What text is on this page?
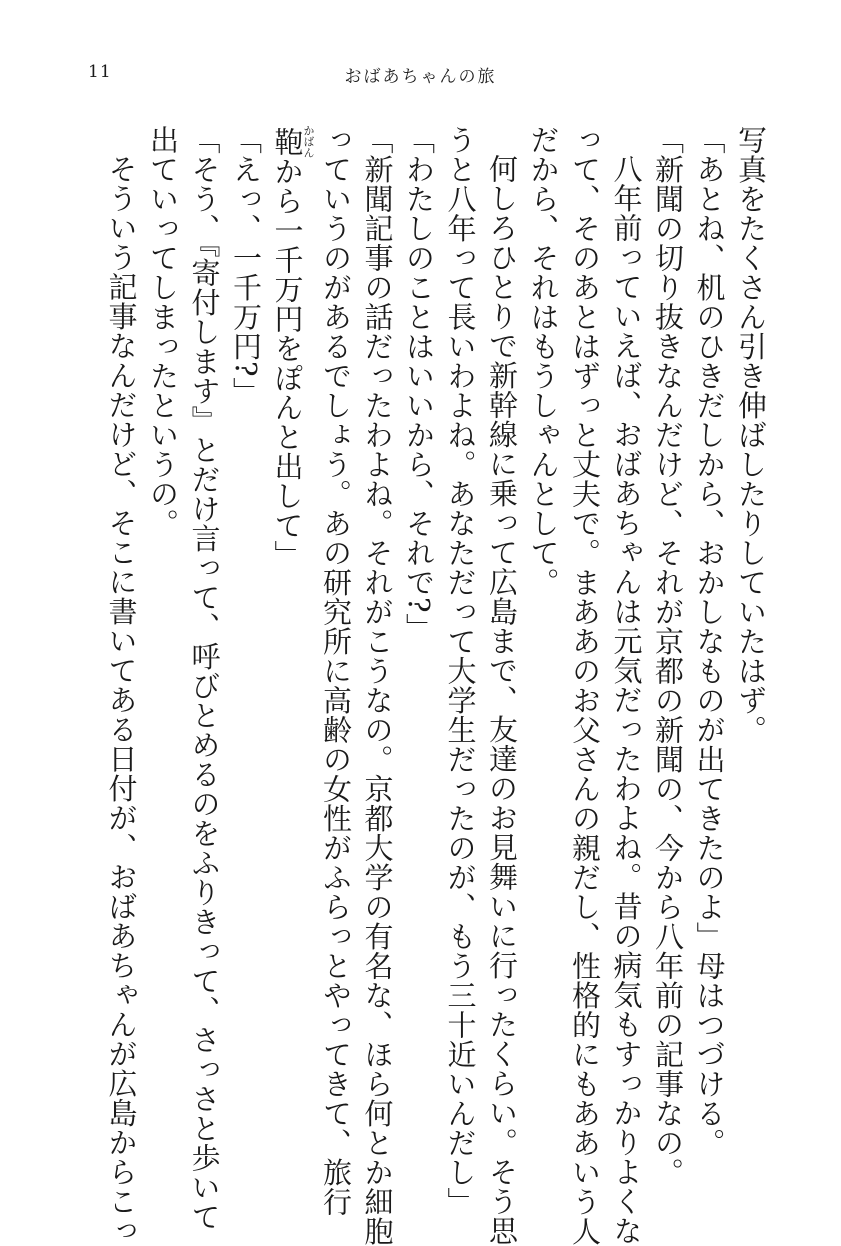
11	おばあちゃんの旅
写真をたくさん引き伸ばしたりしていたはず。
「あとね、机のひきだしから、おかしなものが出てきたのよ」母はつづける。
「新聞の切り抜きなんだけど、それが京都の新聞の、今から八年前の記事なの。
八年前っていえば、おばあちゃんは元気だったわよね。昔の病気もすっかりよくな
って、そのあとはずっと丈夫で。まああのお父さんの親だし、性格的にもああいう人
だから、それはもうしゃんとして。
何しろひとりで新幹線に乗って広島まで、友達のお見舞いに行ったくらい。そう思
うと八年って長いわよね。あなただって大学生だったのが、もう三十近いんだし」
「わたしのことはいいから、それで?」
「新聞記事の話だったわよね。それがこうなの。京都大学の有名な、ほら何とか細胞
っていうのがあるでしょう。あの研究所に高齢の女性がふらっとやってきて、旅行
鞄かばんから一千万円をぽんと出して」
「えっ、一千万円?」
「そう、『寄付します』とだけ言って、呼びとめるのをふりきって、さっさと歩いて
出ていってしまったというの。
そういう記事なんだけど、そこに書いてある日付が、おばあちゃんが広島からこっ
